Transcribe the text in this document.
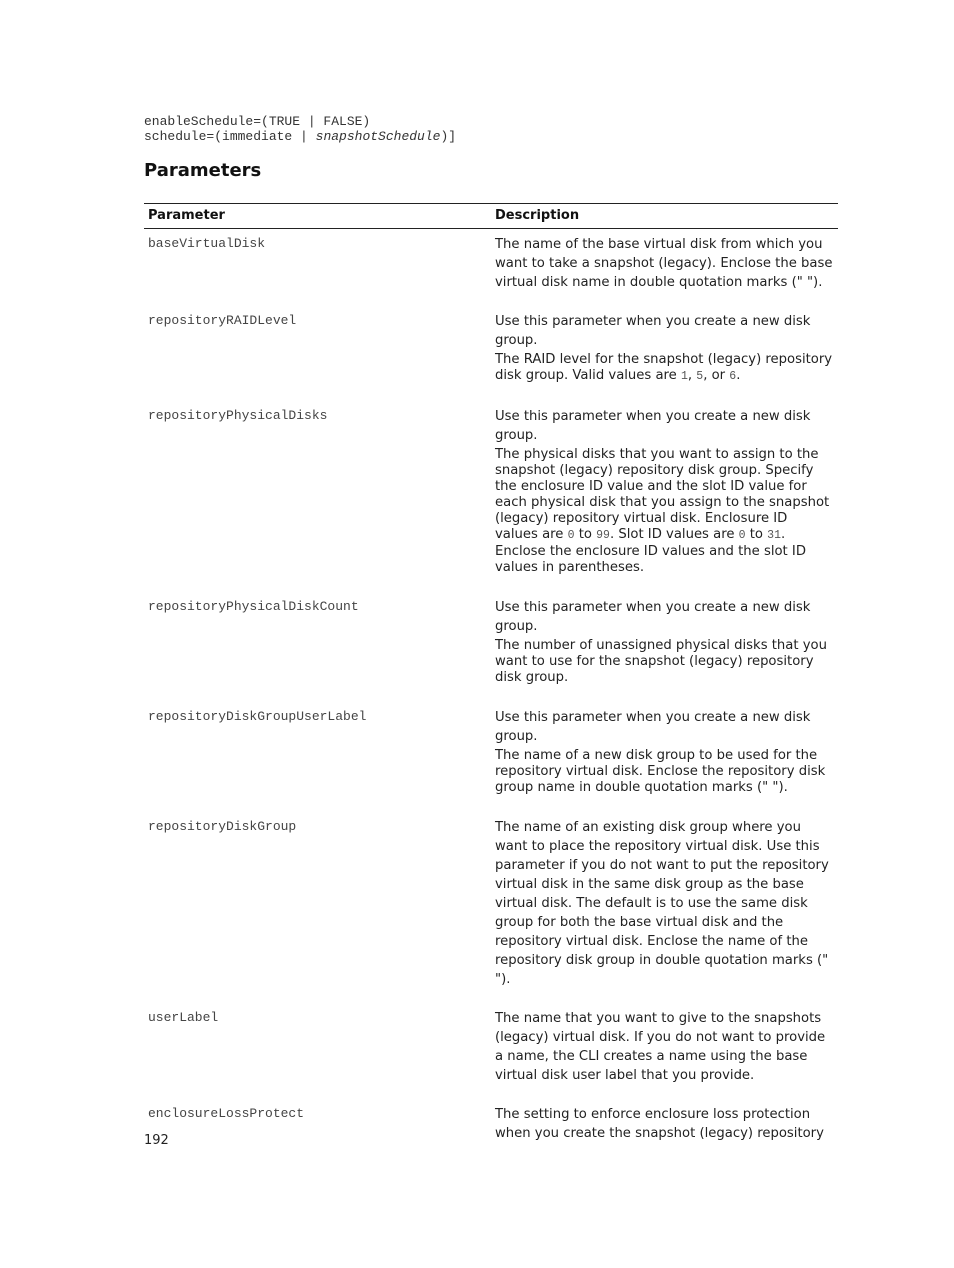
enableSchedule=(TRUE | FALSE)
schedule=(immediate | snapshotSchedule)]
Parameters
Parameter	Description
baseVirtualDisk	The name of the base virtual disk from which you want to take a snapshot (legacy). Enclose the base virtual disk name in double quotation marks (" ").

repositoryRAIDLevel	Use this parameter when you create a new disk group.

The RAID level for the snapshot (legacy) repository disk group. Valid values are 1, 5, or 6.

repositoryPhysicalDisks	Use this parameter when you create a new disk group.

The physical disks that you want to assign to the snapshot (legacy) repository disk group. Specify the enclosure ID value and the slot ID value for each physical disk that you assign to the snapshot (legacy) repository virtual disk. Enclosure ID values are 0 to 99. Slot ID values are 0 to 31. Enclose the enclosure ID values and the slot ID values in parentheses.

repositoryPhysicalDiskCount	Use this parameter when you create a new disk group.

The number of unassigned physical disks that you want to use for the snapshot (legacy) repository disk group.

repositoryDiskGroupUserLabel	Use this parameter when you create a new disk group.

The name of a new disk group to be used for the repository virtual disk. Enclose the repository disk group name in double quotation marks (" ").

repositoryDiskGroup	The name of an existing disk group where you want to place the repository virtual disk. Use this parameter if you do not want to put the repository virtual disk in the same disk group as the base virtual disk. The default is to use the same disk group for both the base virtual disk and the repository virtual disk. Enclose the name of the repository disk group in double quotation marks (" ").

userLabel	The name that you want to give to the snapshots (legacy) virtual disk. If you do not want to provide a name, the CLI creates a name using the base virtual disk user label that you provide.

enclosureLossProtect	The setting to enforce enclosure loss protection when you create the snapshot (legacy) repository

192
